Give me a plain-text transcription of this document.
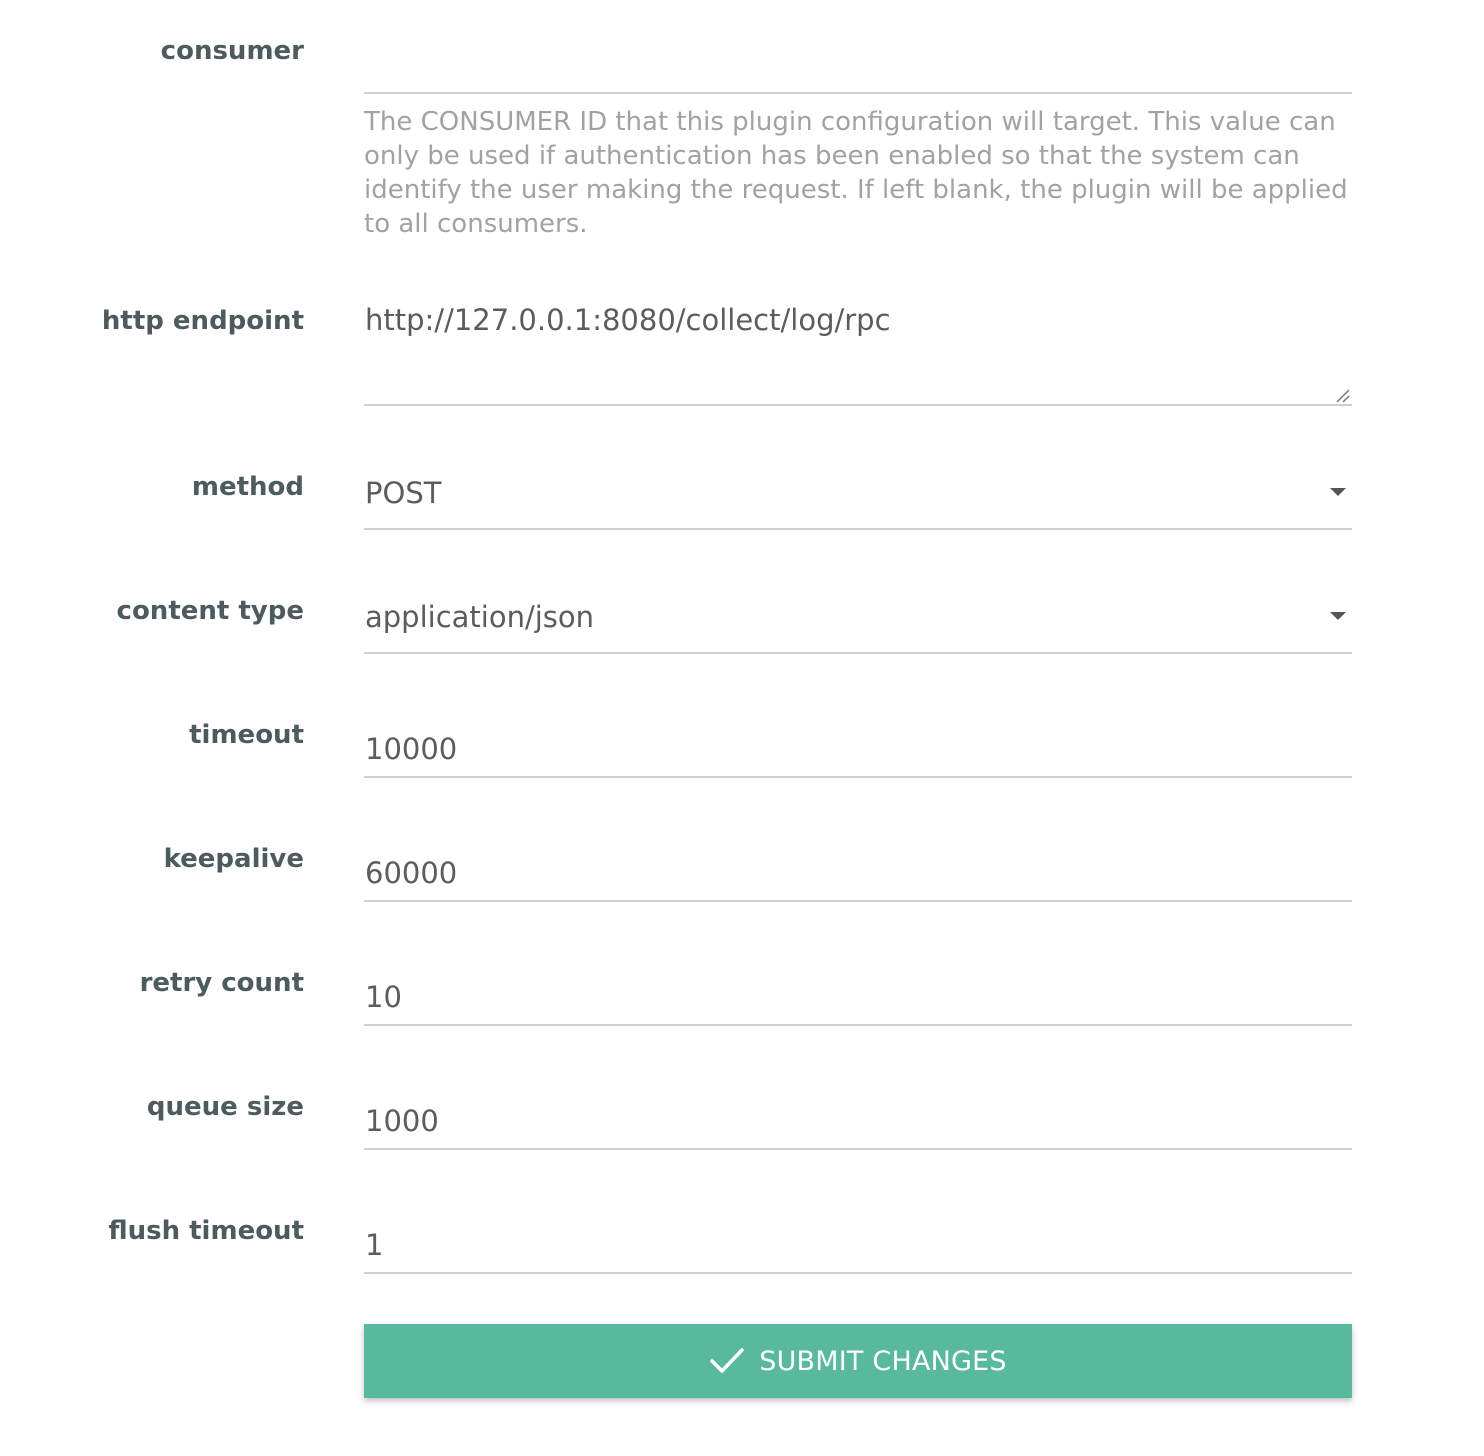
consumer
The CONSUMER ID that this plugin configuration will target. This value can only be used if authentication has been enabled so that the system can identify the user making the request. If left blank, the plugin will be applied to all consumers.
http endpoint
http://127.0.0.1:8080/collect/log/rpc
method POST
content type application/json
timeout
10000
keepalive
60000
retry count
10
queue size
1000
flush timeout
1
SUBMIT CHANGES
